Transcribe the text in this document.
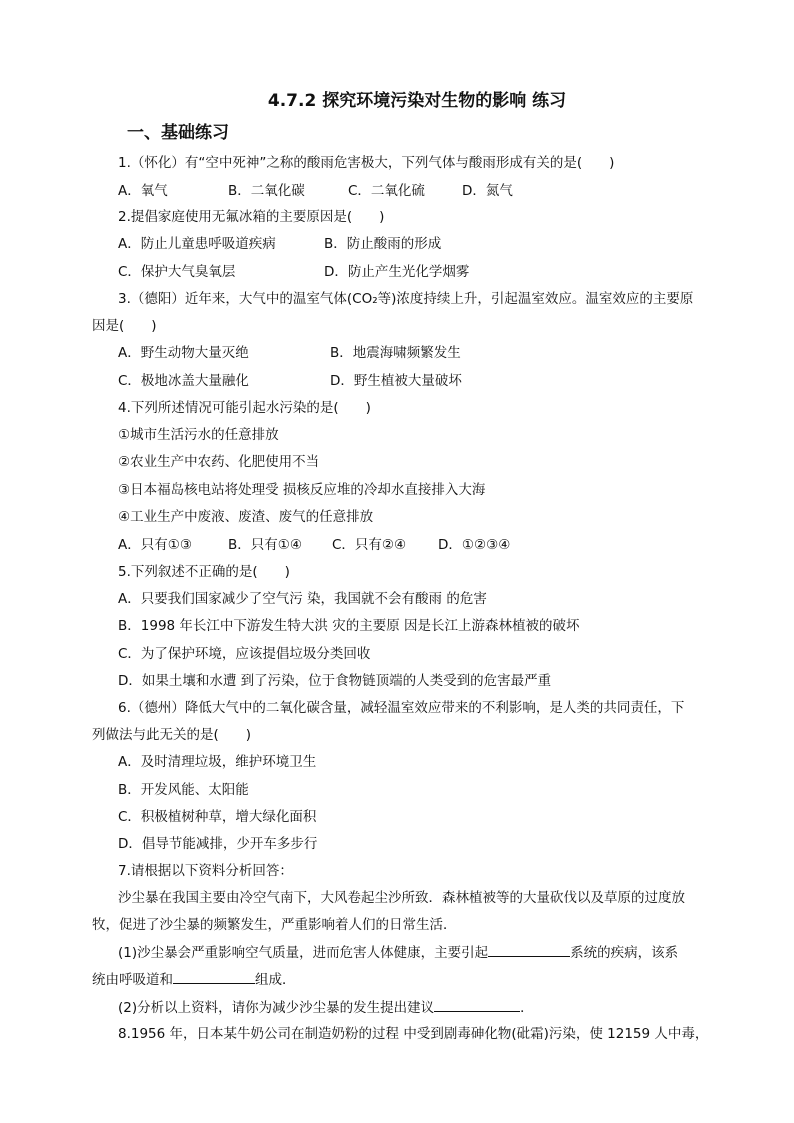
4.7.2 探究环境污染对生物的影响 练习
一、基础练习
1.（怀化）有“空中死神”之称的酸雨危害极大，下列气体与酸雨形成有关的是(　　)
A．氧气	B．二氧化碳	C．二氧化硫	D．氮气
2.提倡家庭使用无氟冰箱的主要原因是(　　)
A．防止儿童患呼吸道疾病	B．防止酸雨的形成
C．保护大气臭氧层	D．防止产生光化学烟雾
3.（德阳）近年来，大气中的温室气体(CO₂等)浓度持续上升，引起温室效应。温室效应的主要原
因是(　　)
A．野生动物大量灭绝	B．地震海啸频繁发生
C．极地冰盖大量融化	D．野生植被大量破坏
4.下列所述情况可能引起水污染的是(　　)
①城市生活污水的任意排放
②农业生产中农药、化肥使用不当
③日本福岛核电站将处理受 损核反应堆的冷却水直接排入大海
④工业生产中废液、废渣、废气的任意排放
A．只有①③	B．只有①④ C．只有②④ D．①②③④
5.下列叙述不正确的是(　　)
A．只要我们国家减少了空气污 染，我国就不会有酸雨 的危害
B．1998 年长江中下游发生特大洪 灾的主要原 因是长江上游森林植被的破坏
C．为了保护环境，应该提倡垃圾分类回收
D．如果土壤和水遭 到了污染，位于食物链顶端的人类受到的危害最严重
6.（德州）降低大气中的二氧化碳含量，减轻温室效应带来的不利影响，是人类的共同责任，下
列做法与此无关的是(　　)
A．及时清理垃圾，维护环境卫生
B．开发风能、太阳能
C．积极植树种草，增大绿化面积
D．倡导节能减排，少开车多步行
7.请根据以下资料分析回答：
沙尘暴在我国主要由冷空气南下，大风卷起尘沙所致．森林植被等的大量砍伐以及草原的过度放
牧，促进了沙尘暴的频繁发生，严重影响着人们的日常生活．
(1)沙尘暴会严重影响空气质量，进而危害人体健康，主要引起	系统的疾病，该系
统由呼吸道和	组成．
(2)分析以上资料，请你为减少沙尘暴的发生提出建议	．
8.1956 年，日本某牛奶公司在制造奶粉的过程 中受到剧毒砷化物(砒霜)污染，使 12159 人中毒，
